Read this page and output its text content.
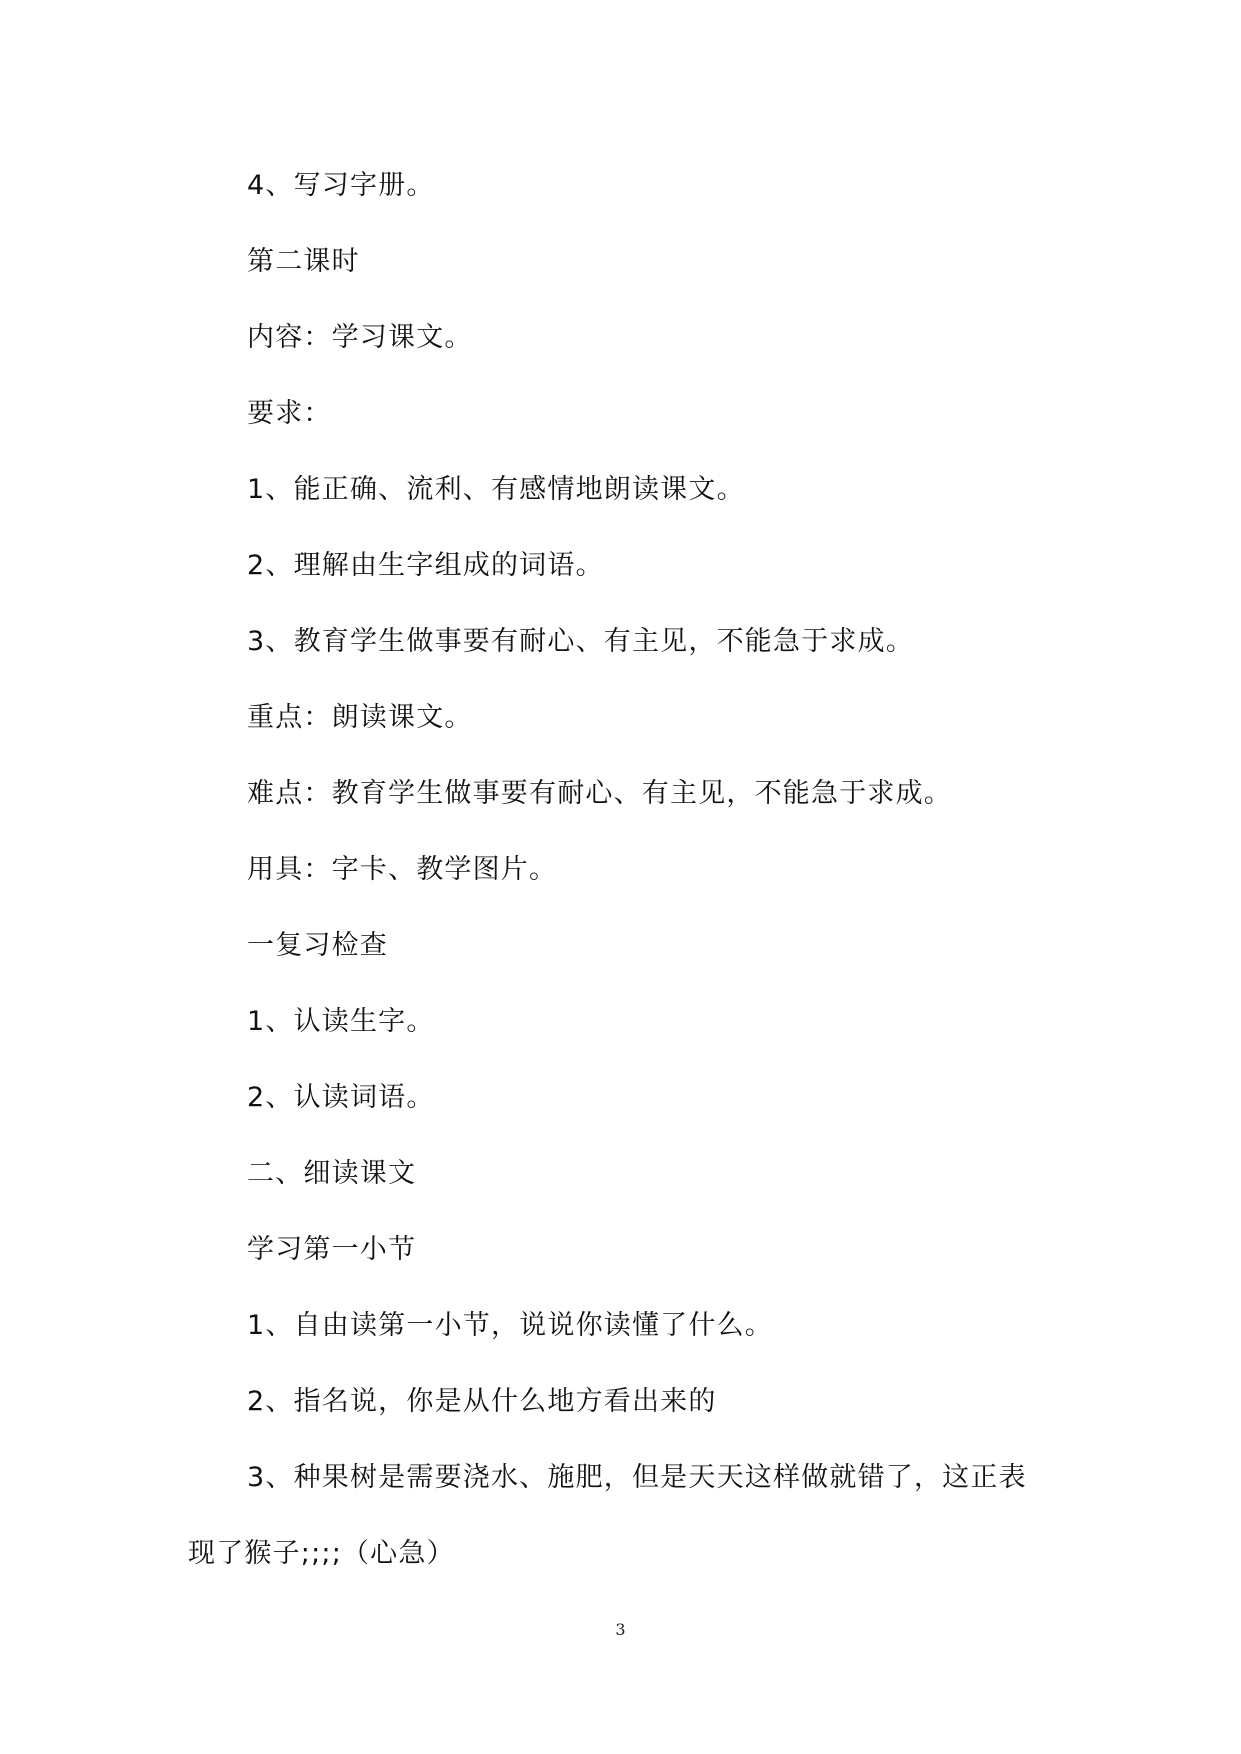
4、写习字册。

第二课时

内容：学习课文。

要求：

1、能正确、流利、有感情地朗读课文。

2、理解由生字组成的词语。

3、教育学生做事要有耐心、有主见，不能急于求成。

重点：朗读课文。

难点：教育学生做事要有耐心、有主见，不能急于求成。

用具：字卡、教学图片。

一复习检查

1、认读生字。

2、认读词语。

二、细读课文

学习第一小节

1、自由读第一小节，说说你读懂了什么。

2、指名说，你是从什么地方看出来的

3、种果树是需要浇水、施肥，但是天天这样做就错了，这正表

现了猴子;;;;（心急）

3
